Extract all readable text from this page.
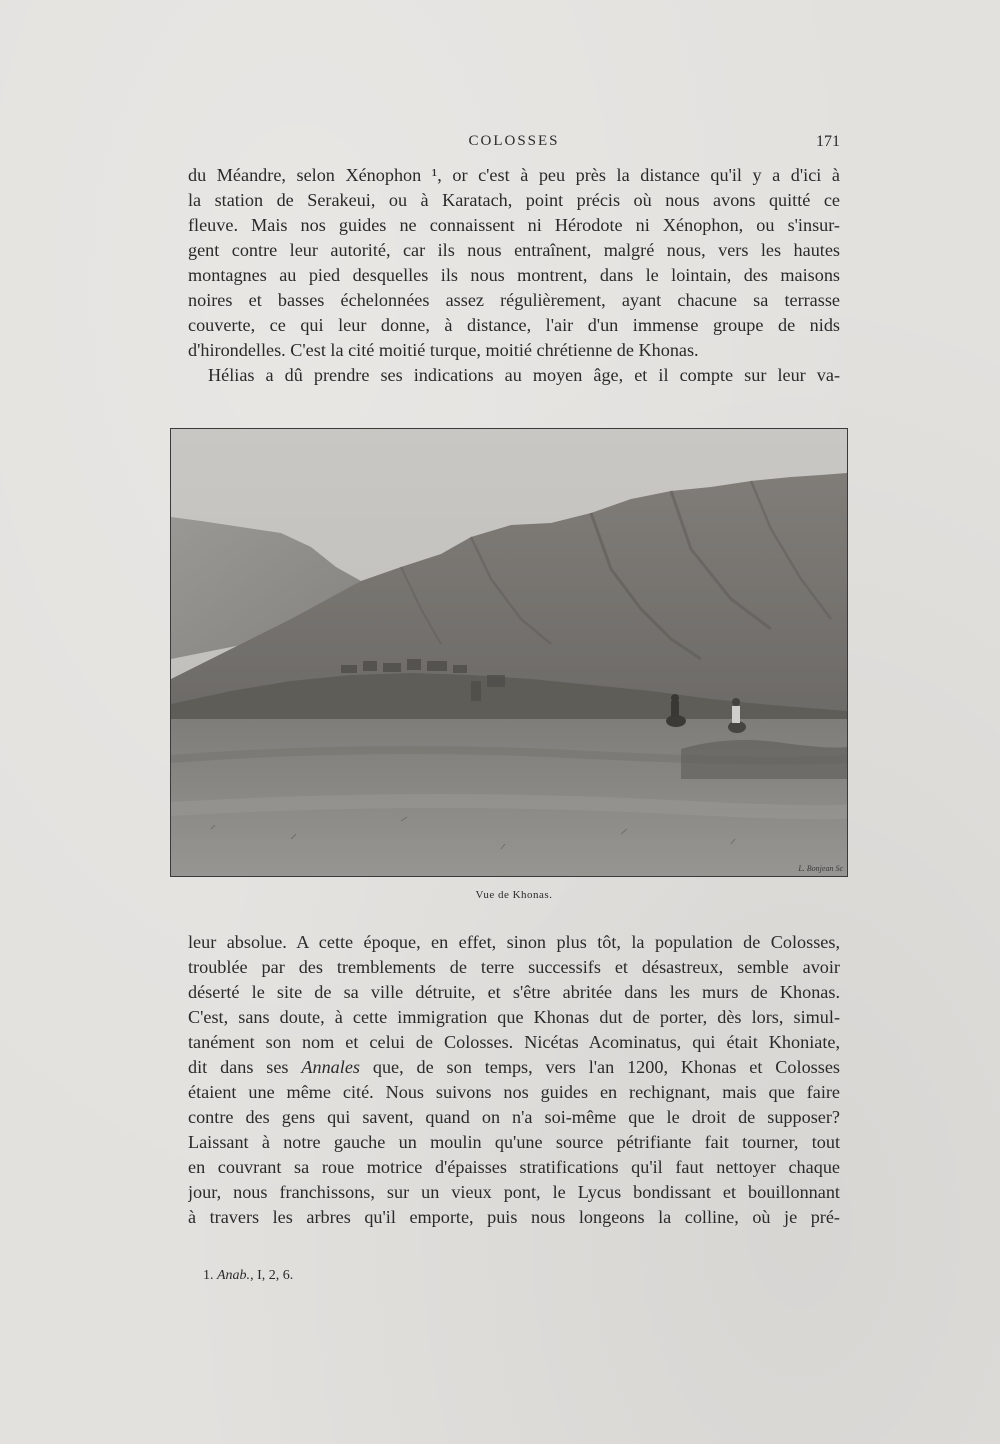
COLOSSES	171
du Méandre, selon Xénophon ¹, or c'est à peu près la distance qu'il y a d'ici à
la station de Serakeui, ou à Karatach, point précis où nous avons quitté ce
fleuve. Mais nos guides ne connaissent ni Hérodote ni Xénophon, ou s'insur-
gent contre leur autorité, car ils nous entraînent, malgré nous, vers les hautes
montagnes au pied desquelles ils nous montrent, dans le lointain, des maisons
noires et basses échelonnées assez régulièrement, ayant chacune sa terrasse
couverte, ce qui leur donne, à distance, l'air d'un immense groupe de nids
d'hirondelles. C'est la cité moitié turque, moitié chrétienne de Khonas.
Hélias a dû prendre ses indications au moyen âge, et il compte sur leur va-
L. Bonjean Sc
Vue de Khonas.
leur absolue. A cette époque, en effet, sinon plus tôt, la population de Colosses,
troublée par des tremblements de terre successifs et désastreux, semble avoir
déserté le site de sa ville détruite, et s'être abritée dans les murs de Khonas.
C'est, sans doute, à cette immigration que Khonas dut de porter, dès lors, simul-
tanément son nom et celui de Colosses. Nicétas Acominatus, qui était Khoniate,
dit dans ses Annales que, de son temps, vers l'an 1200, Khonas et Colosses
étaient une même cité. Nous suivons nos guides en rechignant, mais que faire
contre des gens qui savent, quand on n'a soi-même que le droit de supposer?
Laissant à notre gauche un moulin qu'une source pétrifiante fait tourner, tout
en couvrant sa roue motrice d'épaisses stratifications qu'il faut nettoyer chaque
jour, nous franchissons, sur un vieux pont, le Lycus bondissant et bouillonnant
à travers les arbres qu'il emporte, puis nous longeons la colline, où je pré-
1. Anab., I, 2, 6.
